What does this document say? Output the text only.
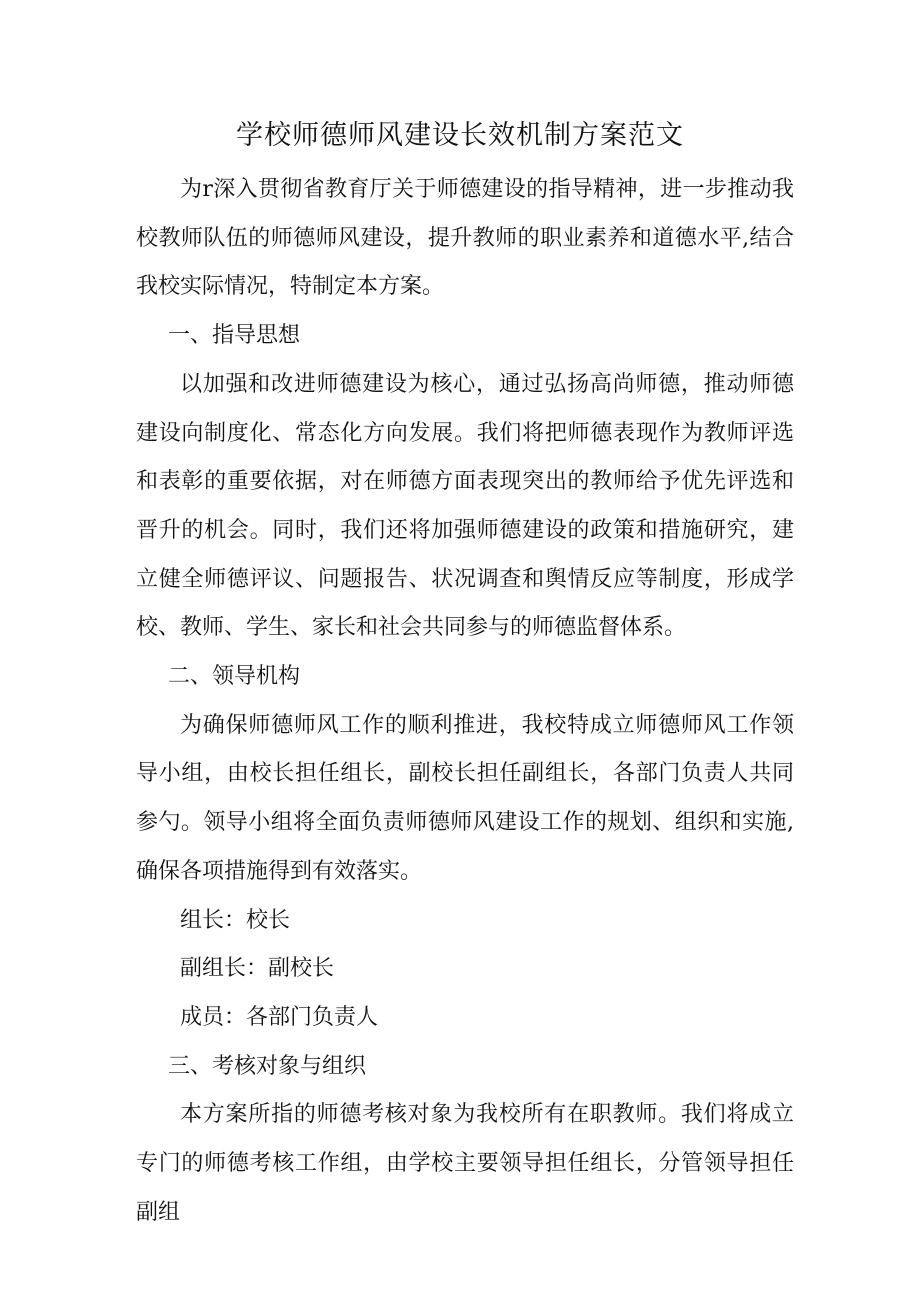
学校师德师风建设长效机制方案范文

为r深入贯彻省教育厅关于师德建设的指导精神，进一步推动我校教师队伍的师德师风建设，提升教师的职业素养和道德水平,结合我校实际情况，特制定本方案。

一、指导思想

以加强和改进师德建设为核心，通过弘扬高尚师德，推动师德建设向制度化、常态化方向发展。我们将把师德表现作为教师评选和表彰的重要依据，对在师德方面表现突出的教师给予优先评选和晋升的机会。同时，我们还将加强师德建设的政策和措施研究，建立健全师德评议、问题报告、状况调查和舆情反应等制度，形成学校、教师、学生、家长和社会共同参与的师德监督体系。

二、领导机构

为确保师德师风工作的顺利推进，我校特成立师德师风工作领导小组，由校长担任组长，副校长担任副组长，各部门负责人共同参勺。领导小组将全面负责师德师风建设工作的规划、组织和实施,确保各项措施得到有效落实。

组长：校长

副组长：副校长

成员：各部门负责人

三、考核对象与组织

本方案所指的师德考核对象为我校所有在职教师。我们将成立专门的师德考核工作组，由学校主要领导担任组长，分管领导担任副组
